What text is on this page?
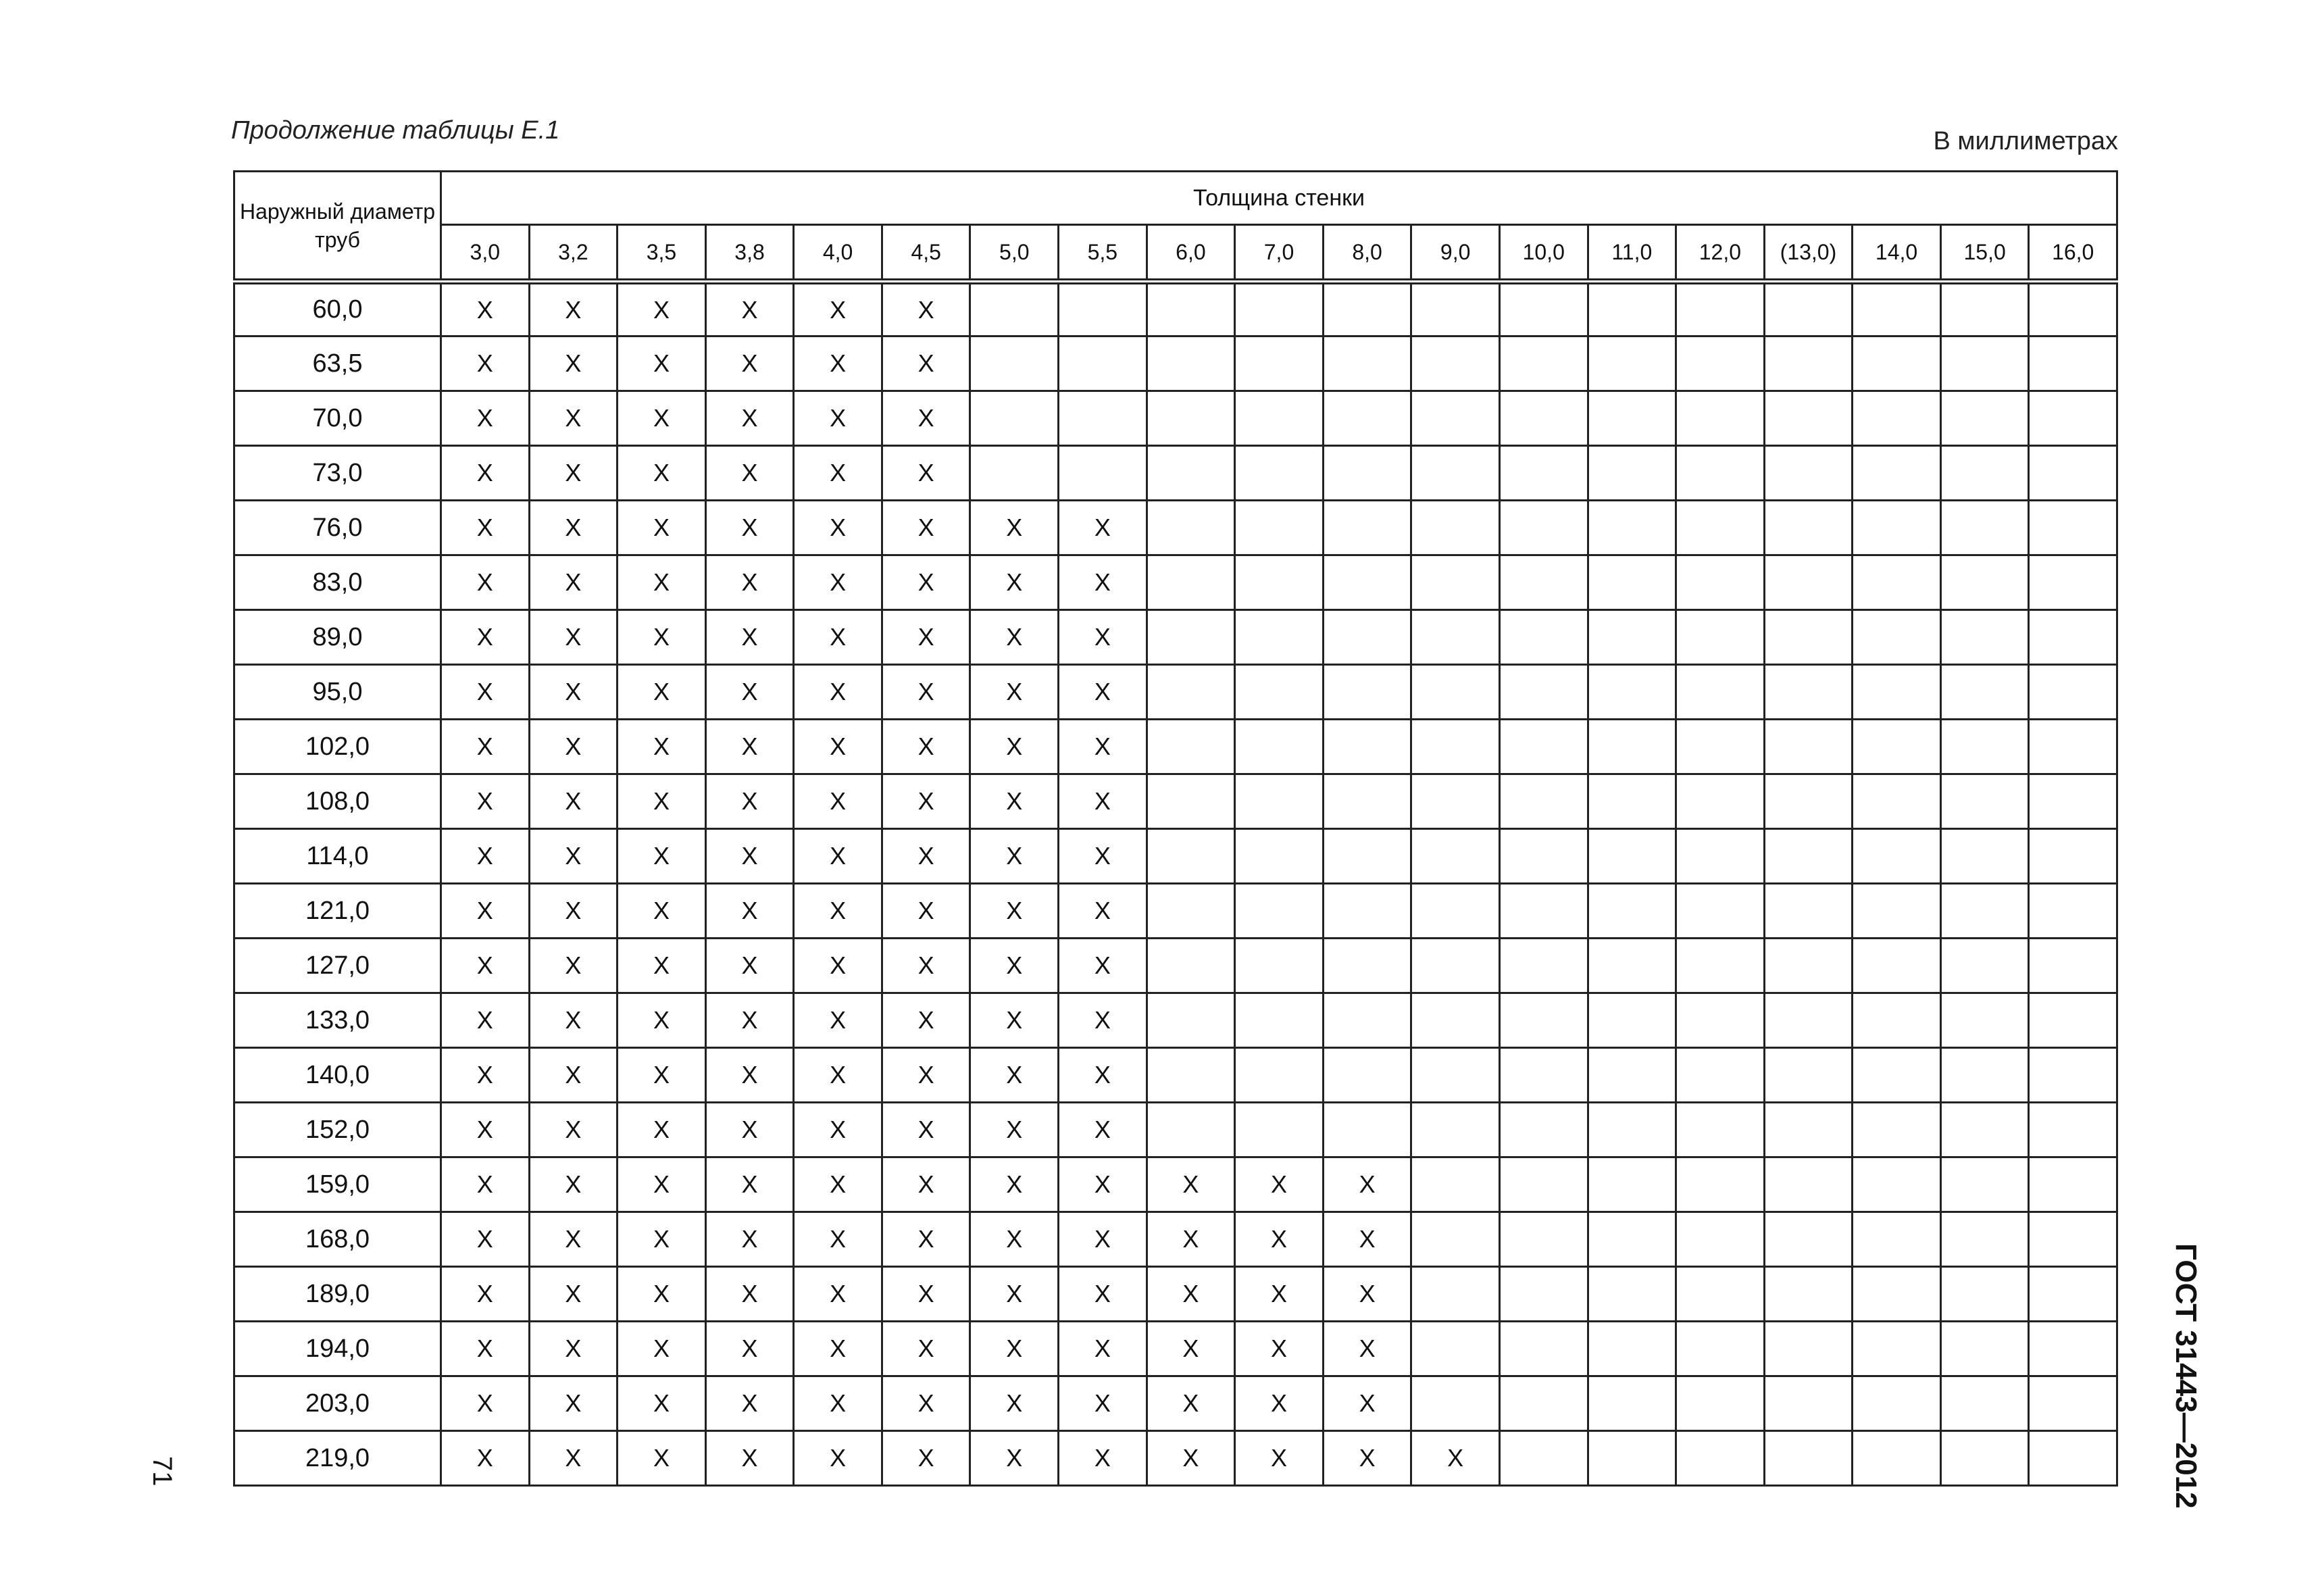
Продолжение таблицы Е.1	В миллиметрах
Наружный диаметр труб	Толщина стенки																		
	3,0	3,2	3,5	3,8	4,0	4,5	5,0	5,5	6,0	7,0	8,0	9,0	10,0	11,0	12,0	(13,0)	14,0	15,0	16,0
60,0	X	X	X	X	X	X													
63,5	X	X	X	X	X	X													
70,0	X	X	X	X	X	X													
73,0	X	X	X	X	X	X													
76,0	X	X	X	X	X	X	X	X											
83,0	X	X	X	X	X	X	X	X											
89,0	X	X	X	X	X	X	X	X											
95,0	X	X	X	X	X	X	X	X											
102,0	X	X	X	X	X	X	X	X											
108,0	X	X	X	X	X	X	X	X											
114,0	X	X	X	X	X	X	X	X											
121,0	X	X	X	X	X	X	X	X											
127,0	X	X	X	X	X	X	X	X											
133,0	X	X	X	X	X	X	X	X											
140,0	X	X	X	X	X	X	X	X											
152,0	X	X	X	X	X	X	X	X											
159,0	X	X	X	X	X	X	X	X	X	X	X								
168,0	X	X	X	X	X	X	X	X	X	X	X								
189,0	X	X	X	X	X	X	X	X	X	X	X								
194,0	X	X	X	X	X	X	X	X	X	X	X								
203,0	X	X	X	X	X	X	X	X	X	X	X								
219,0	X	X	X	X	X	X	X	X	X	X	X	X							
71	ГОСТ 31443—2012
